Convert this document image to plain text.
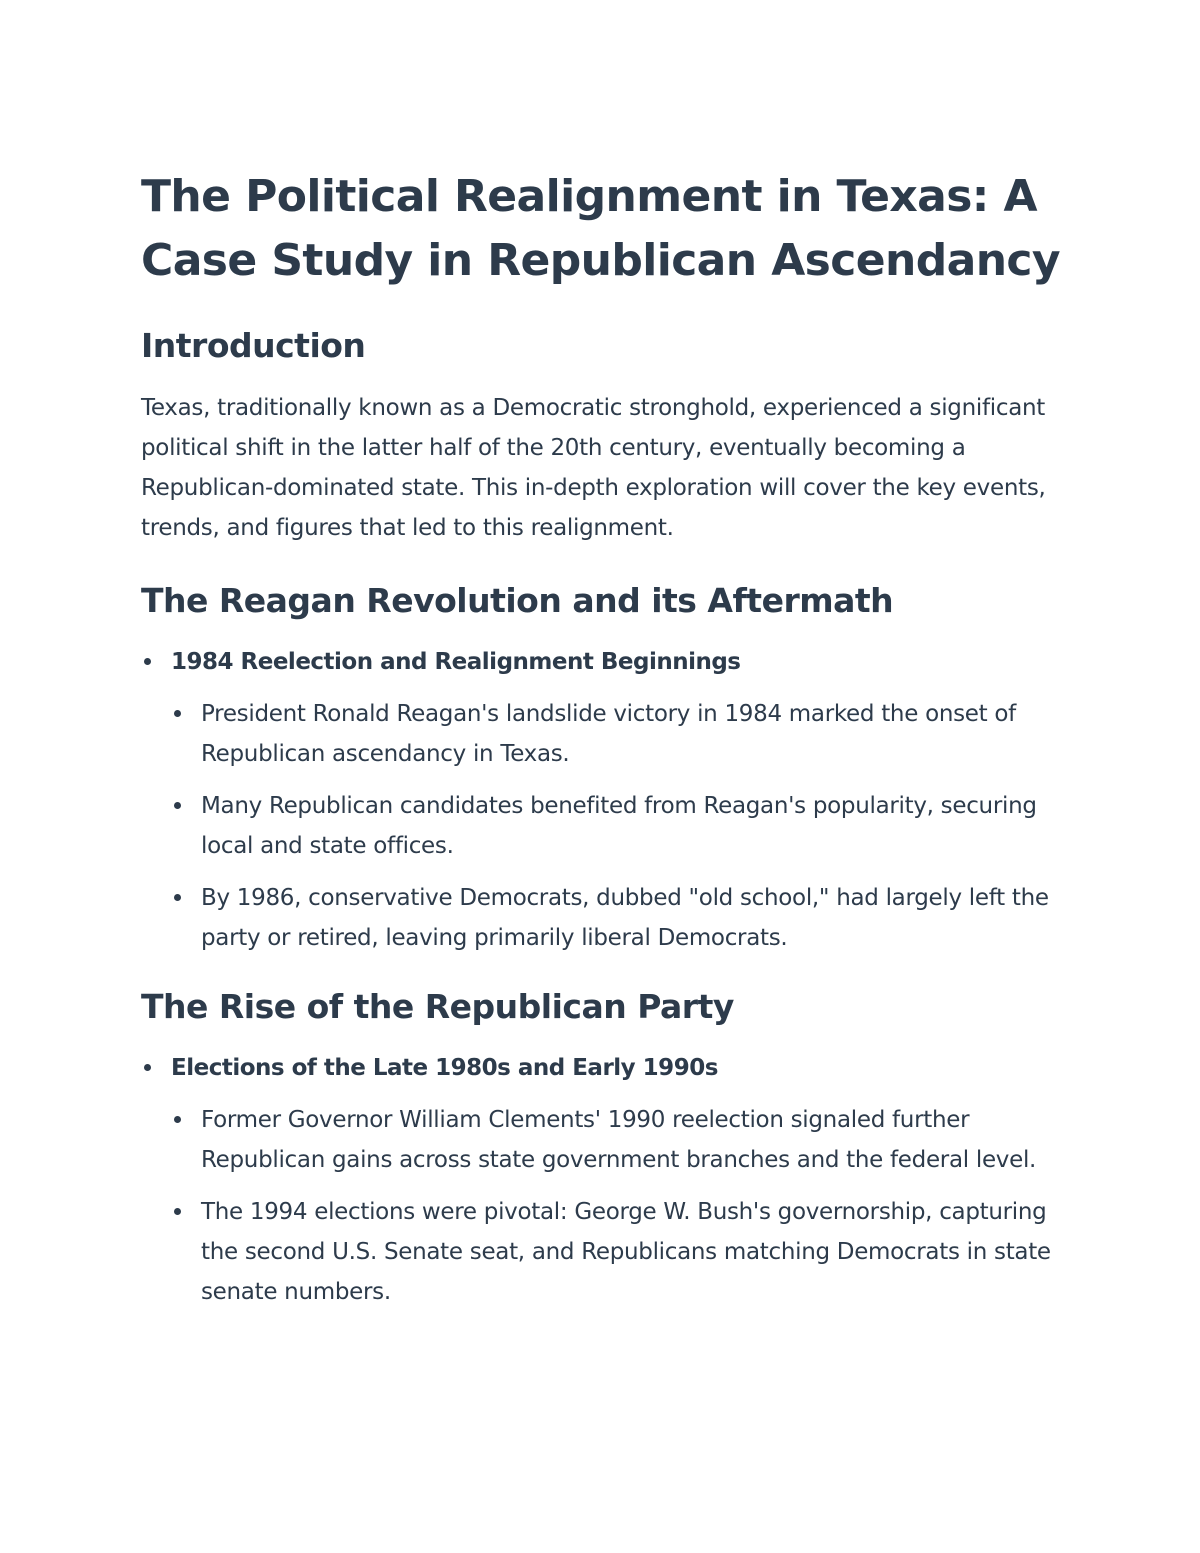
The Political Realignment in Texas: A Case Study in Republican Ascendancy
Introduction

Texas, traditionally known as a Democratic stronghold, experienced a significant political shift in the latter half of the 20th century, eventually becoming a Republican-dominated state. This in-depth exploration will cover the key events, trends, and figures that led to this realignment.

The Reagan Revolution and its Aftermath
1984 Reelection and Realignment Beginnings
President Ronald Reagan's landslide victory in 1984 marked the onset of Republican ascendancy in Texas.
Many Republican candidates benefited from Reagan's popularity, securing local and state offices.
By 1986, conservative Democrats, dubbed "old school," had largely left the party or retired, leaving primarily liberal Democrats.
The Rise of the Republican Party
Elections of the Late 1980s and Early 1990s
Former Governor William Clements' 1990 reelection signaled further Republican gains across state government branches and the federal level.
The 1994 elections were pivotal: George W. Bush's governorship, capturing the second U.S. Senate seat, and Republicans matching Democrats in state senate numbers.
